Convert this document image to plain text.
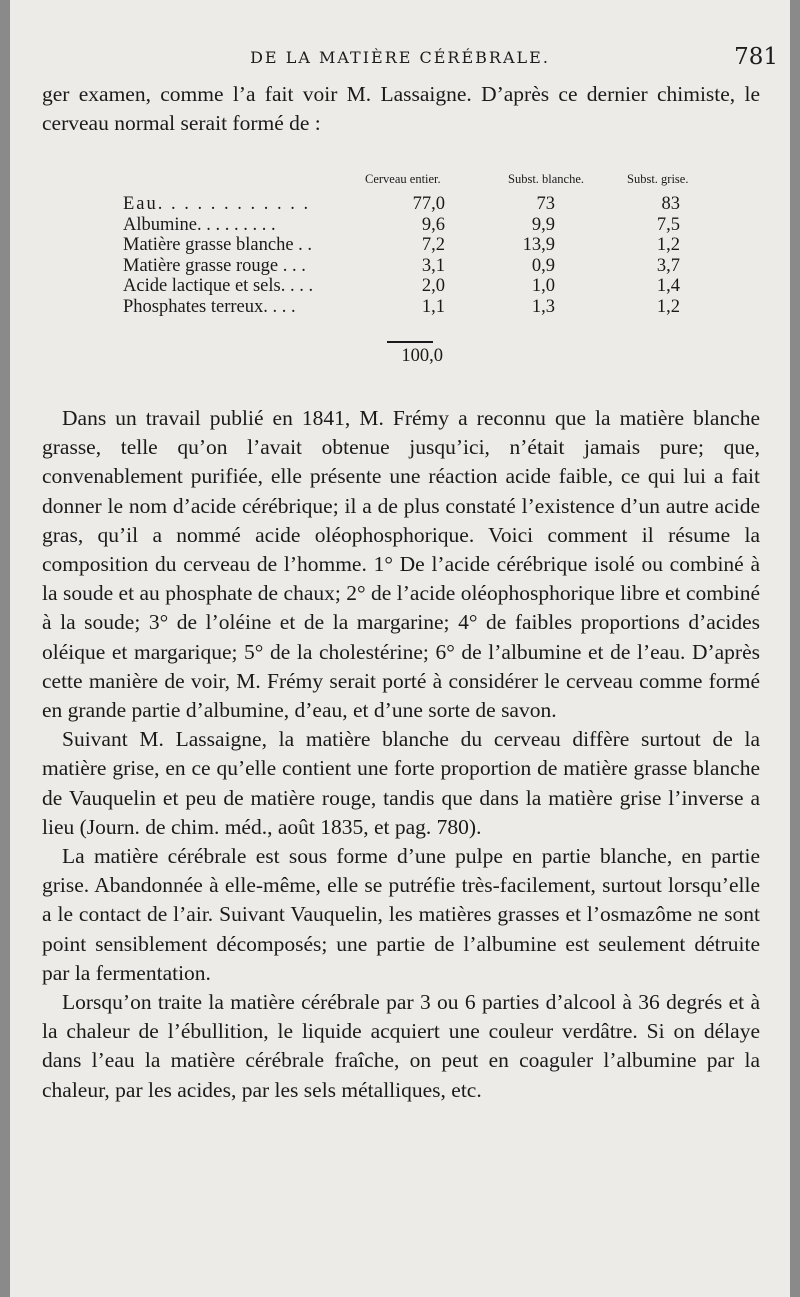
DE LA MATIÈRE CÉRÉBRALE.	781

ger examen, comme l’a fait voir M. Lassaigne. D’après ce dernier chimiste, le cerveau normal serait formé de :

Cerveau entier.	Subst. blanche.	Subst. grise.
Eau. . . . . . . . . . . .	77,0	73	83
Albumine. . . . . . . . .	9,6	9,9	7,5
Matière grasse blanche . .	7,2	13,9	1,2
Matière grasse rouge . . .	3,1	0,9	3,7
Acide lactique et sels. . . .	2,0	1,0	1,4
Phosphates terreux. . . .	1,1	1,3	1,2
100,0

Dans un travail publié en 1841, M. Frémy a reconnu que la matière blanche grasse, telle qu’on l’avait obtenue jusqu’ici, n’était jamais pure; que, convenablement purifiée, elle présente une réaction acide faible, ce qui lui a fait donner le nom d’acide cérébrique; il a de plus constaté l’existence d’un autre acide gras, qu’il a nommé acide oléophosphorique. Voici comment il résume la composition du cerveau de l’homme. 1° De l’acide cérébrique isolé ou combiné à la soude et au phosphate de chaux; 2° de l’acide oléophosphorique libre et combiné à la soude; 3° de l’oléine et de la margarine; 4° de faibles proportions d’acides oléique et margarique; 5° de la cholestérine; 6° de l’albumine et de l’eau. D’après cette manière de voir, M. Frémy serait porté à considérer le cerveau comme formé en grande partie d’albumine, d’eau, et d’une sorte de savon.

Suivant M. Lassaigne, la matière blanche du cerveau diffère surtout de la matière grise, en ce qu’elle contient une forte proportion de matière grasse blanche de Vauquelin et peu de matière rouge, tandis que dans la matière grise l’inverse a lieu (Journ. de chim. méd., août 1835, et pag. 780).

La matière cérébrale est sous forme d’une pulpe en partie blanche, en partie grise. Abandonnée à elle-même, elle se putréfie très-facilement, surtout lorsqu’elle a le contact de l’air. Suivant Vauquelin, les matières grasses et l’osmazôme ne sont point sensiblement décomposés; une partie de l’albumine est seulement détruite par la fermentation.

Lorsqu’on traite la matière cérébrale par 3 ou 6 parties d’alcool à 36 degrés et à la chaleur de l’ébullition, le liquide acquiert une couleur verdâtre. Si on délaye dans l’eau la matière cérébrale fraîche, on peut en coaguler l’albumine par la chaleur, par les acides, par les sels métalliques, etc.
